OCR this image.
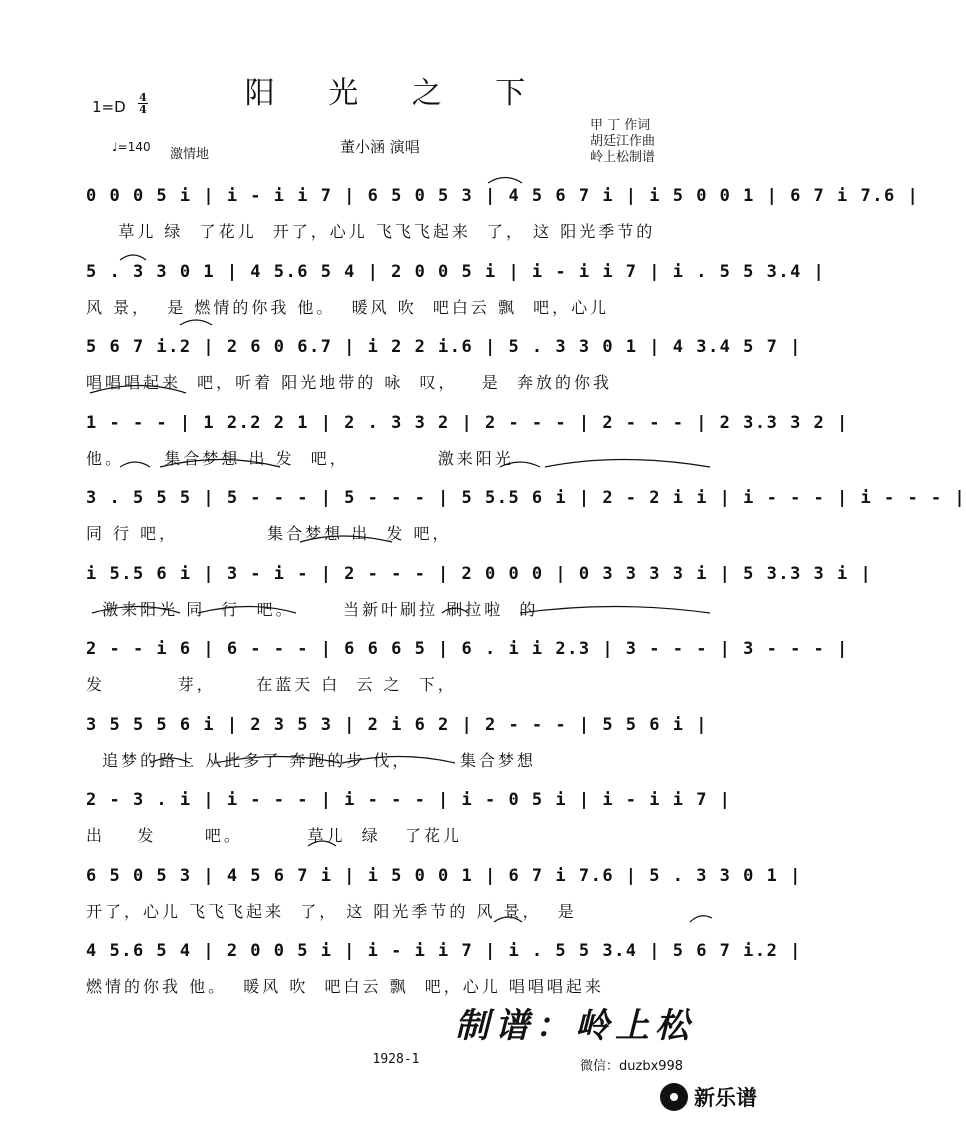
阳 光 之 下
1=D
4
4
♩=140 激情地	董小涵 演唱
甲 丁 作词
胡廷江作曲
岭上松制谱
0 0 0 5 i | i - i i 7 | 6 5 0 5 3 | 4 5 6 7 i | i 5 0 0 1 | 6 7 i 7.6 |
草儿 绿  了花儿  开了，心儿 飞飞飞起来  了， 这 阳光季节的
5 . 3 3 0 1 | 4 5.6 5 4 | 2 0 0 5 i | i - i i 7 | i . 5 5 3.4 |
风 景，  是 燃情的你我 他。  暖风 吹  吧白云 飘  吧，心儿
5 6 7 i.2 | 2 6 0 6.7 | i 2 2 i.6 | 5 . 3 3 0 1 | 4 3.4 5 7 |
唱唱唱起来  吧，听着 阳光地带的 咏  叹，   是  奔放的你我
1 - - - | 1 2.2 2 1 | 2 . 3 3 2 | 2 - - - | 2 - - - | 2 3.3 3 2 |
他。     集合梦想 出 发  吧，           激来阳光
3 . 5 5 5 | 5 - - - | 5 - - - | 5 5.5 6 i | 2 - 2 i i | i - - - | i - - - |
同 行 吧，           集合梦想 出  发 吧，
i 5.5 6 i | 3 - i - | 2 - - - | 2 0 0 0 | 0 3 3 3 3 i | 5 3.3 3 i |
激来阳光 同  行  吧。      当新叶刷拉 刷拉啦  的
2 - - i 6 | 6 - - - | 6 6 6 5 | 6 . i i 2.3 | 3 - - - | 3 - - - |
发         芽，     在蓝天 白  云 之  下，
3 5 5 5 6 i | 2 3 5 3 | 2 i 6 2 | 2 - - - | 5 5 6 i |
追梦的路上 从此多了 奔跑的步 伐，      集合梦想
2 - 3 . i | i - - - | i - - - | i - 0 5 i | i - i i 7 |
出    发      吧。        草儿  绿   了花儿
6 5 0 5 3 | 4 5 6 7 i | i 5 0 0 1 | 6 7 i 7.6 | 5 . 3 3 0 1 |
开了，心儿 飞飞飞起来  了， 这 阳光季节的 风 景，  是
4 5.6 5 4 | 2 0 0 5 i | i - i i 7 | i . 5 5 3.4 | 5 6 7 i.2 |
燃情的你我 他。  暖风 吹  吧白云 飘  吧，心儿 唱唱唱起来
制谱：岭上松
1928-1	微信：duzbx998
新乐谱
